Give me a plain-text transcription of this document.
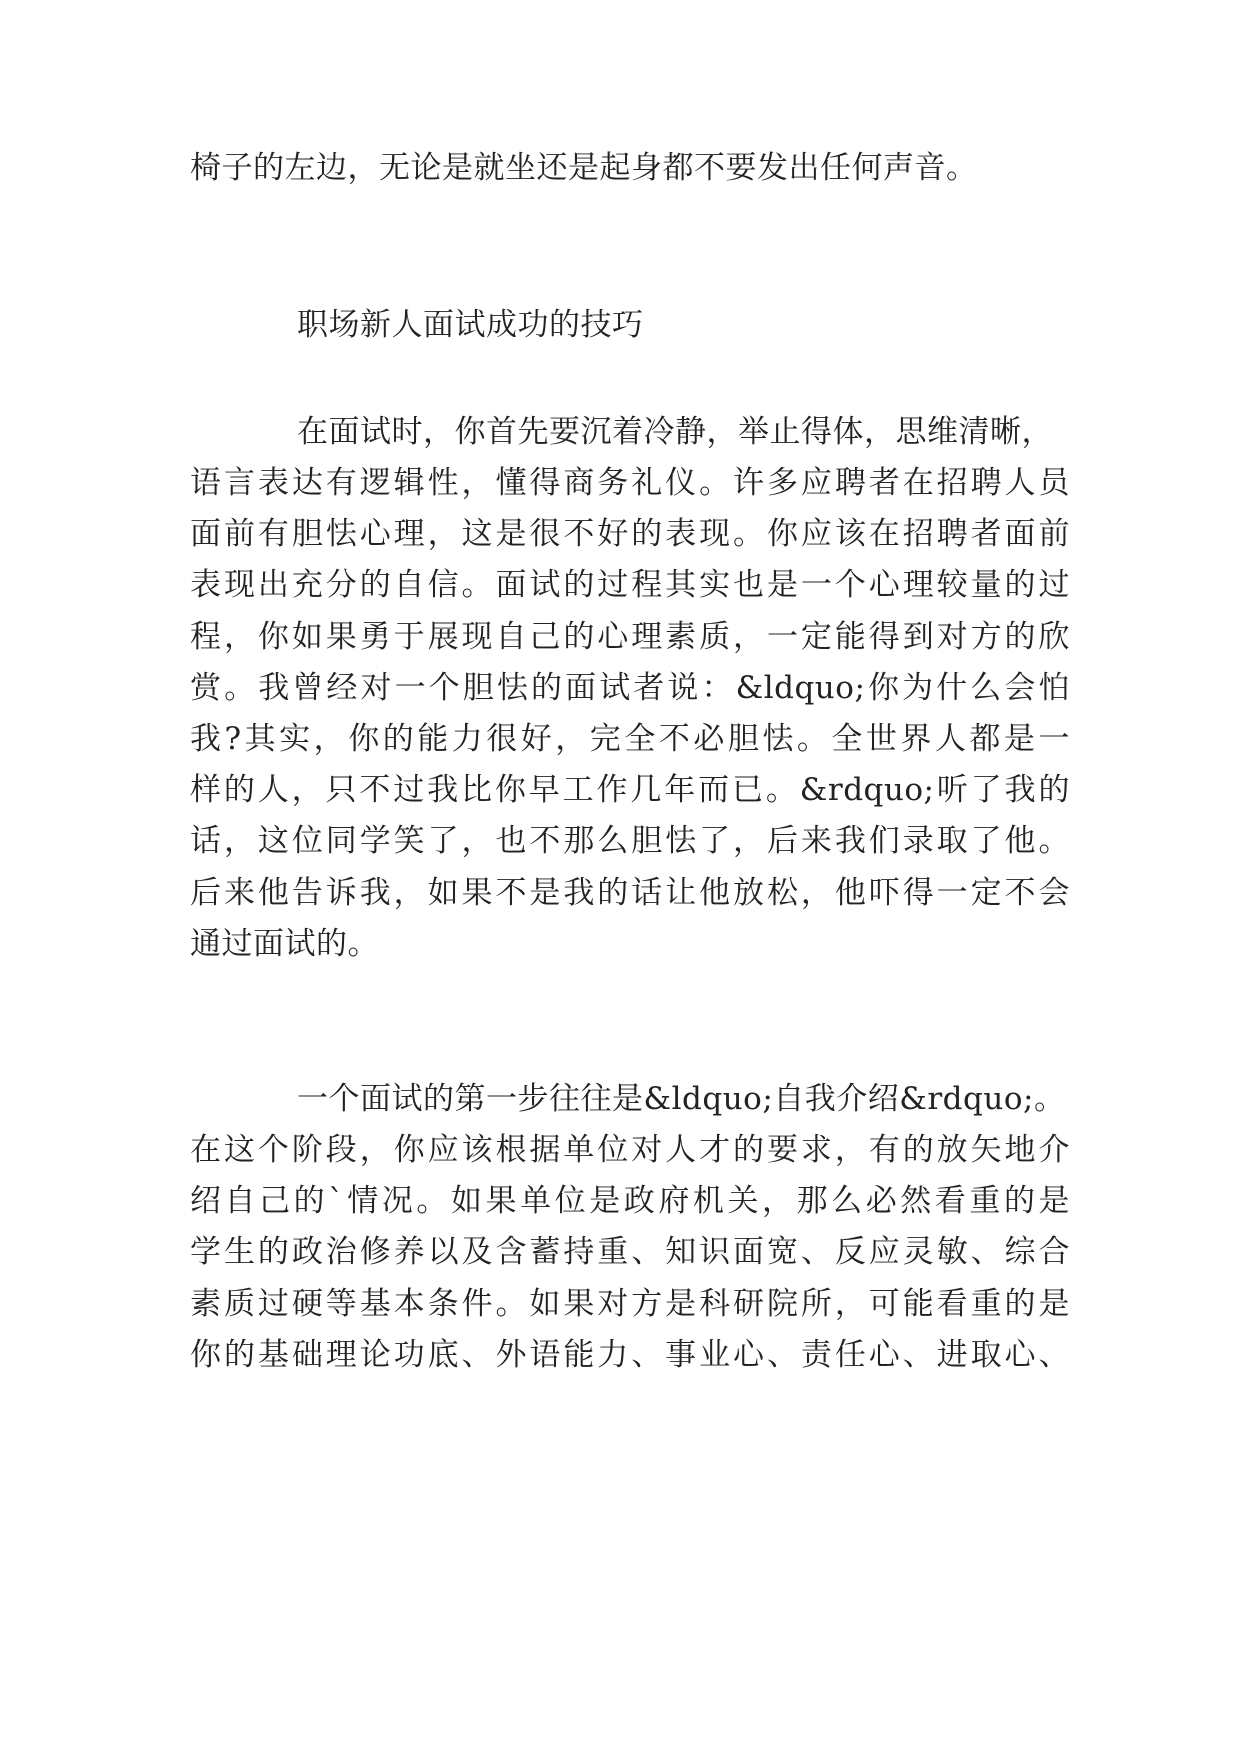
椅子的左边，无论是就坐还是起身都不要发出任何声音。
职场新人面试成功的技巧
在面试时，你首先要沉着冷静，举止得体，思维清晰，
语言表达有逻辑性，懂得商务礼仪。许多应聘者在招聘人员
面前有胆怯心理，这是很不好的表现。你应该在招聘者面前
表现出充分的自信。面试的过程其实也是一个心理较量的过
程，你如果勇于展现自己的心理素质，一定能得到对方的欣
赏。我曾经对一个胆怯的面试者说：&ldquo;你为什么会怕
我?其实，你的能力很好，完全不必胆怯。全世界人都是一
样的人，只不过我比你早工作几年而已。&rdquo;听了我的
话，这位同学笑了，也不那么胆怯了，后来我们录取了他。
后来他告诉我，如果不是我的话让他放松，他吓得一定不会
通过面试的。
一个面试的第一步往往是&ldquo;自我介绍&rdquo;。
在这个阶段，你应该根据单位对人才的要求，有的放矢地介
绍自己的`情况。如果单位是政府机关，那么必然看重的是
学生的政治修养以及含蓄持重、知识面宽、反应灵敏、综合
素质过硬等基本条件。如果对方是科研院所，可能看重的是
你的基础理论功底、外语能力、事业心、责任心、进取心、
